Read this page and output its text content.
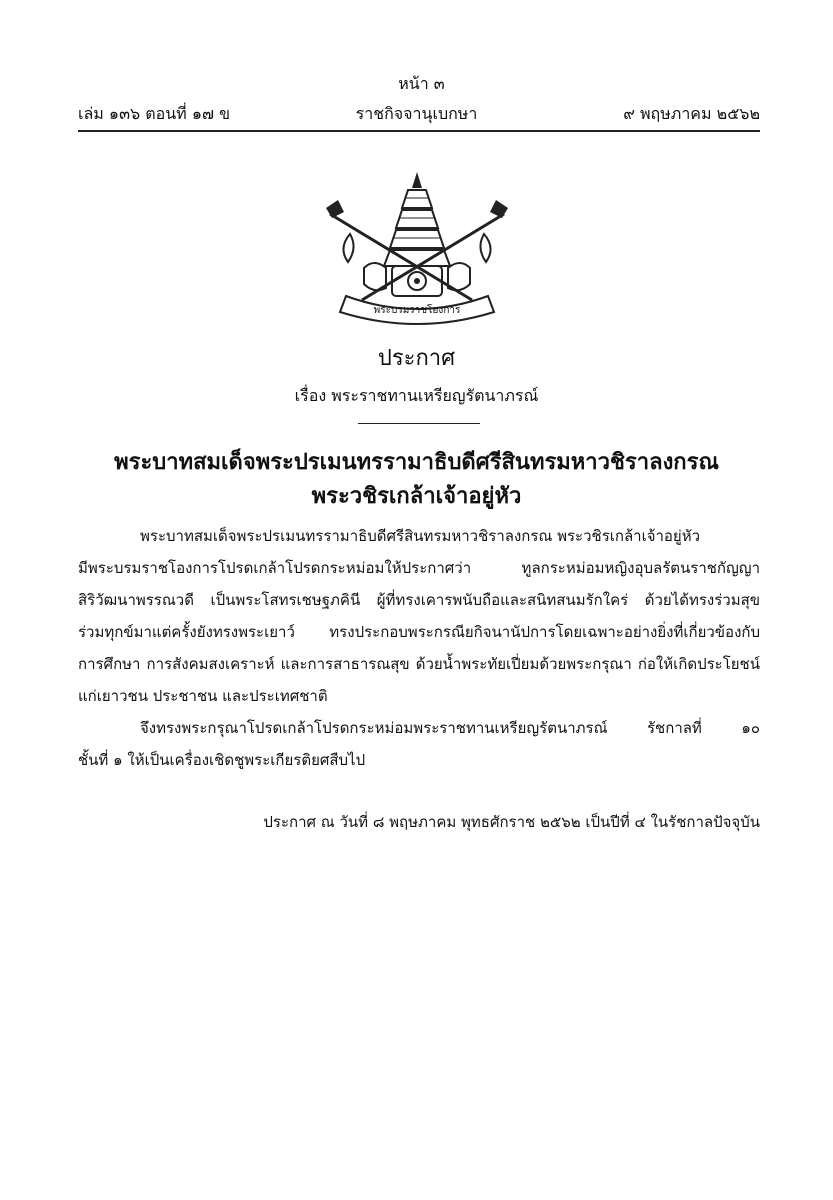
หน้า ๓
เล่ม ๑๓๖ ตอนที่ ๑๗ ข	ราชกิจจานุเบกษา	๙ พฤษภาคม ๒๕๖๒
พระบรมราชโองการ
ประกาศ
เรื่อง พระราชทานเหรียญรัตนาภรณ์
พระบาทสมเด็จพระปรเมนทรรามาธิบดีศรีสินทรมหาวชิราลงกรณ
พระวชิรเกล้าเจ้าอยู่หัว
พระบาทสมเด็จพระปรเมนทรรามาธิบดีศรีสินทรมหาวชิราลงกรณ พระวชิรเกล้าเจ้าอยู่หัว
มีพระบรมราชโองการโปรดเกล้าโปรดกระหม่อมให้ประกาศว่า ทูลกระหม่อมหญิงอุบลรัตนราชกัญญา
สิริวัฒนาพรรณวดี เป็นพระโสทรเชษฐภคินี ผู้ที่ทรงเคารพนับถือและสนิทสนมรักใคร่ ด้วยได้ทรงร่วมสุข
ร่วมทุกข์มาแต่ครั้งยังทรงพระเยาว์ ทรงประกอบพระกรณียกิจนานัปการโดยเฉพาะอย่างยิ่งที่เกี่ยวข้องกับ
การศึกษา การสังคมสงเคราะห์ และการสาธารณสุข ด้วยน้ำพระทัยเปี่ยมด้วยพระกรุณา ก่อให้เกิดประโยชน์
แก่เยาวชน ประชาชน และประเทศชาติ
จึงทรงพระกรุณาโปรดเกล้าโปรดกระหม่อมพระราชทานเหรียญรัตนาภรณ์ รัชกาลที่ ๑๐
ชั้นที่ ๑ ให้เป็นเครื่องเชิดชูพระเกียรติยศสืบไป
ประกาศ ณ วันที่ ๘ พฤษภาคม พุทธศักราช ๒๕๖๒ เป็นปีที่ ๔ ในรัชกาลปัจจุบัน
